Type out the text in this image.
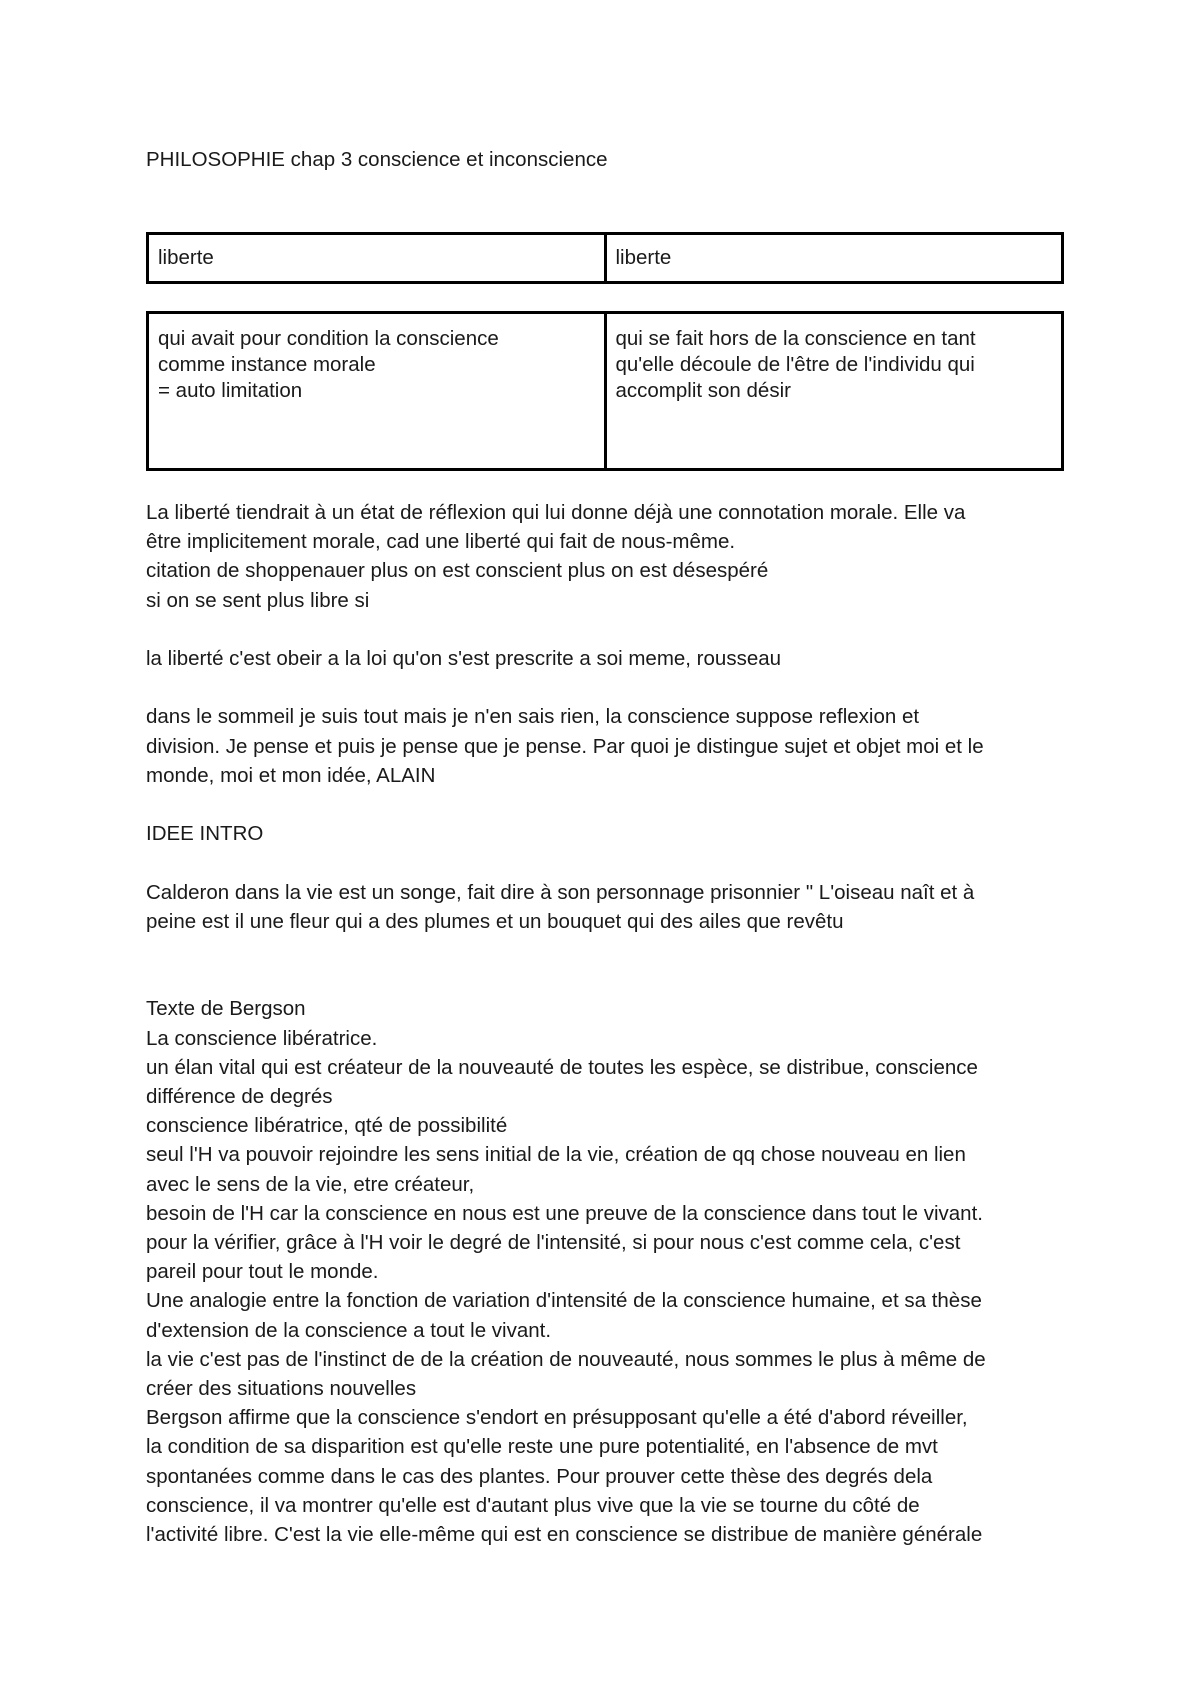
PHILOSOPHIE chap 3 conscience et inconscience
liberte	liberte
qui avait pour condition la conscience
comme instance morale
= auto limitation
qui se fait hors de la conscience en tant
qu'elle découle de l'être de l'individu qui
accomplit son désir

La liberté tiendrait à un état de réflexion qui lui donne déjà une connotation morale. Elle va
être implicitement morale, cad une liberté qui fait de nous-même.
citation de shoppenauer plus on est conscient plus on est désespéré
si on se sent plus libre si

la liberté c'est obeir a la loi qu'on s'est prescrite a soi meme, rousseau

dans le sommeil je suis tout mais je n'en sais rien, la conscience suppose reflexion et
division. Je pense et puis je pense que je pense. Par quoi je distingue sujet et objet moi et le
monde, moi et mon idée, ALAIN

IDEE INTRO

Calderon dans la vie est un songe, fait dire à son personnage prisonnier " L'oiseau naît et à
peine est il une fleur qui a des plumes et un bouquet qui des ailes que revêtu

Texte de Bergson
La conscience libératrice.
un élan vital qui est créateur de la nouveauté de toutes les espèce, se distribue, conscience
différence de degrés
conscience libératrice, qté de possibilité
seul l'H va pouvoir rejoindre les sens initial de la vie, création de qq chose nouveau en lien
avec le sens de la vie, etre créateur,
besoin de l'H car la conscience en nous est une preuve de la conscience dans tout le vivant.
pour la vérifier, grâce à l'H voir le degré de l'intensité, si pour nous c'est comme cela, c'est
pareil pour tout le monde.
Une analogie entre la fonction de variation d'intensité de la conscience humaine, et sa thèse
d'extension de la conscience a tout le vivant.
la vie c'est pas de l'instinct de de la création de nouveauté, nous sommes le plus à même de
créer des situations nouvelles
Bergson affirme que la conscience s'endort en présupposant qu'elle a été d'abord réveiller,
la condition de sa disparition est qu'elle reste une pure potentialité, en l'absence de mvt
spontanées comme dans le cas des plantes. Pour prouver cette thèse des degrés dela
conscience, il va montrer qu'elle est d'autant plus vive que la vie se tourne du côté de
l'activité libre. C'est la vie elle-même qui est en conscience se distribue de manière générale
